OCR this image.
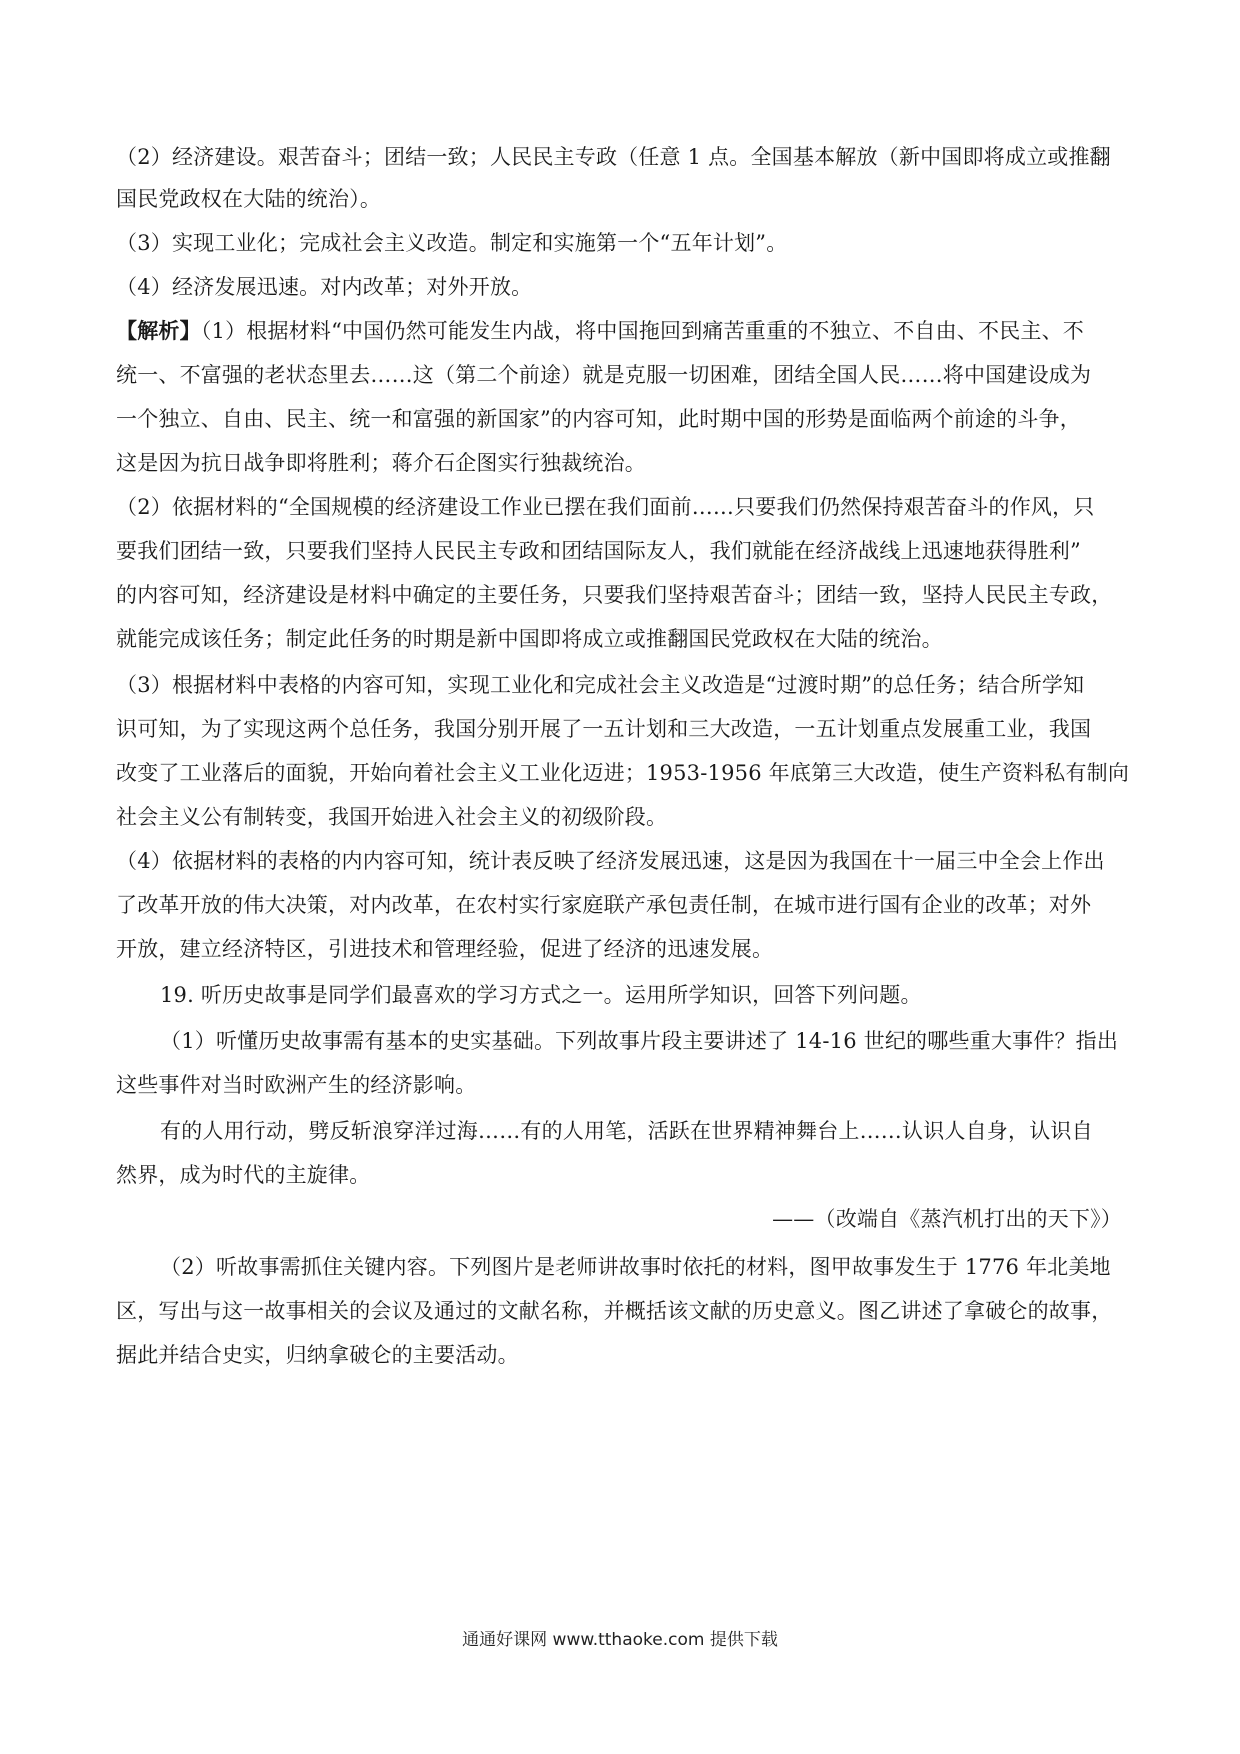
（2）经济建设。艰苦奋斗；团结一致；人民民主专政（任意 1 点。全国基本解放（新中国即将成立或推翻
国民党政权在大陆的统治）。
（3）实现工业化；完成社会主义改造。制定和实施第一个“五年计划”。
（4）经济发展迅速。对内改革；对外开放。
【解析】（1）根据材料“中国仍然可能发生内战，将中国拖回到痛苦重重的不独立、不自由、不民主、不
统一、不富强的老状态里去……这（第二个前途）就是克服一切困难，团结全国人民……将中国建设成为
一个独立、自由、民主、统一和富强的新国家”的内容可知，此时期中国的形势是面临两个前途的斗争，
这是因为抗日战争即将胜利；蒋介石企图实行独裁统治。
（2）依据材料的“全国规模的经济建设工作业已摆在我们面前……只要我们仍然保持艰苦奋斗的作风，只
要我们团结一致，只要我们坚持人民民主专政和团结国际友人，我们就能在经济战线上迅速地获得胜利”
的内容可知，经济建设是材料中确定的主要任务，只要我们坚持艰苦奋斗；团结一致，坚持人民民主专政，
就能完成该任务；制定此任务的时期是新中国即将成立或推翻国民党政权在大陆的统治。
（3）根据材料中表格的内容可知，实现工业化和完成社会主义改造是“过渡时期”的总任务；结合所学知
识可知，为了实现这两个总任务，我国分别开展了一五计划和三大改造，一五计划重点发展重工业，我国
改变了工业落后的面貌，开始向着社会主义工业化迈进；1953-1956 年底第三大改造，使生产资料私有制向
社会主义公有制转变，我国开始进入社会主义的初级阶段。
（4）依据材料的表格的内内容可知，统计表反映了经济发展迅速，这是因为我国在十一届三中全会上作出
了改革开放的伟大决策，对内改革，在农村实行家庭联产承包责任制，在城市进行国有企业的改革；对外
开放，建立经济特区，引进技术和管理经验，促进了经济的迅速发展。
19. 听历史故事是同学们最喜欢的学习方式之一。运用所学知识，回答下列问题。
（1）听懂历史故事需有基本的史实基础。下列故事片段主要讲述了 14-16 世纪的哪些重大事件？指出
这些事件对当时欧洲产生的经济影响。
有的人用行动，劈反斩浪穿洋过海……有的人用笔，活跃在世界精神舞台上……认识人自身，认识自
然界，成为时代的主旋律。
——（改端自《蒸汽机打出的天下》）
（2）听故事需抓住关键内容。下列图片是老师讲故事时依托的材料，图甲故事发生于 1776 年北美地
区，写出与这一故事相关的会议及通过的文献名称，并概括该文献的历史意义。图乙讲述了拿破仑的故事，
据此并结合史实，归纳拿破仑的主要活动。
通通好课网 www.tthaoke.com 提供下载
